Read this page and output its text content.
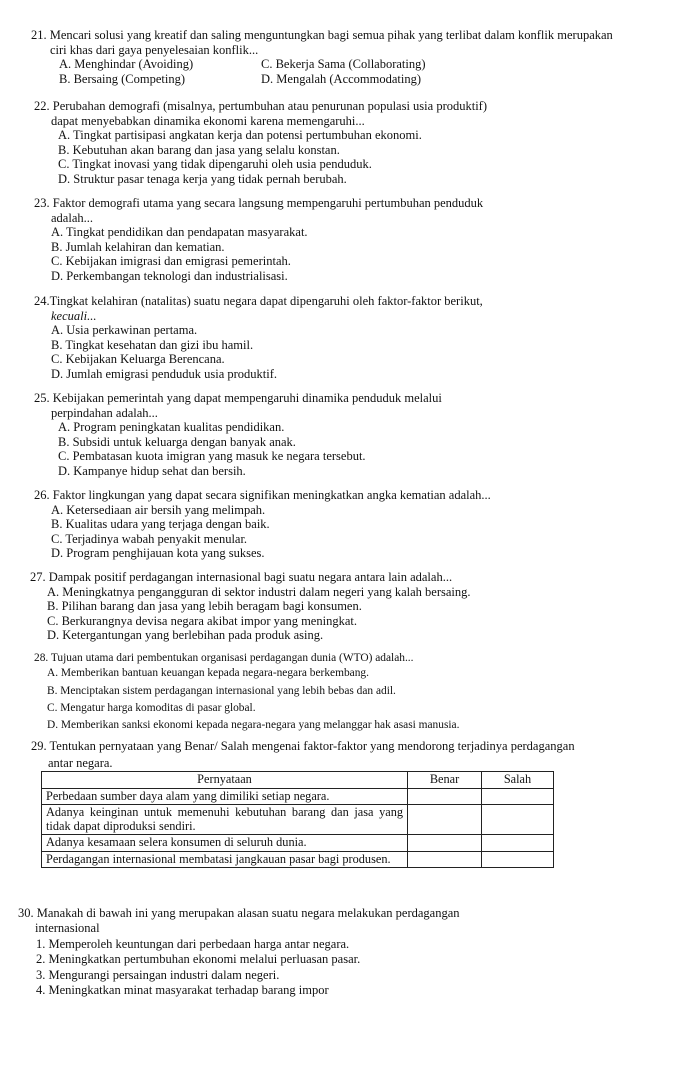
21. Mencari solusi yang kreatif dan saling menguntungkan bagi semua pihak yang terlibat dalam konflik merupakan
ciri khas dari gaya penyelesaian konflik...
A. Menghindar (Avoiding)	C. Bekerja Sama (Collaborating)
B. Bersaing (Competing)	D. Mengalah (Accommodating)
22. Perubahan demografi (misalnya, pertumbuhan atau penurunan populasi usia produktif)
dapat menyebabkan dinamika ekonomi karena memengaruhi...
A. Tingkat partisipasi angkatan kerja dan potensi pertumbuhan ekonomi.
B. Kebutuhan akan barang dan jasa yang selalu konstan.
C. Tingkat inovasi yang tidak dipengaruhi oleh usia penduduk.
D. Struktur pasar tenaga kerja yang tidak pernah berubah.
23. Faktor demografi utama yang secara langsung mempengaruhi pertumbuhan penduduk
adalah...
A. Tingkat pendidikan dan pendapatan masyarakat.
B. Jumlah kelahiran dan kematian.
C. Kebijakan imigrasi dan emigrasi pemerintah.
D. Perkembangan teknologi dan industrialisasi.
24.Tingkat kelahiran (natalitas) suatu negara dapat dipengaruhi oleh faktor-faktor berikut,
kecuali...
A. Usia perkawinan pertama.
B. Tingkat kesehatan dan gizi ibu hamil.
C. Kebijakan Keluarga Berencana.
D. Jumlah emigrasi penduduk usia produktif.
25. Kebijakan pemerintah yang dapat mempengaruhi dinamika penduduk melalui
perpindahan adalah...
A. Program peningkatan kualitas pendidikan.
B. Subsidi untuk keluarga dengan banyak anak.
C. Pembatasan kuota imigran yang masuk ke negara tersebut.
D. Kampanye hidup sehat dan bersih.
26. Faktor lingkungan yang dapat secara signifikan meningkatkan angka kematian adalah...
A. Ketersediaan air bersih yang melimpah.
B. Kualitas udara yang terjaga dengan baik.
C. Terjadinya wabah penyakit menular.
D. Program penghijauan kota yang sukses.
27. Dampak positif perdagangan internasional bagi suatu negara antara lain adalah...
A. Meningkatnya pengangguran di sektor industri dalam negeri yang kalah bersaing.
B. Pilihan barang dan jasa yang lebih beragam bagi konsumen.
C. Berkurangnya devisa negara akibat impor yang meningkat.
D. Ketergantungan yang berlebihan pada produk asing.
28. Tujuan utama dari pembentukan organisasi perdagangan dunia (WTO) adalah...
A. Memberikan bantuan keuangan kepada negara-negara berkembang.
B. Menciptakan sistem perdagangan internasional yang lebih bebas dan adil.
C. Mengatur harga komoditas di pasar global.
D. Memberikan sanksi ekonomi kepada negara-negara yang melanggar hak asasi manusia.
29. Tentukan pernyataan yang Benar/ Salah mengenai faktor-faktor yang mendorong terjadinya perdagangan
antar negara.
Pernyataan	Benar	Salah
Perbedaan sumber daya alam yang dimiliki setiap negara.		
Adanya keinginan untuk memenuhi kebutuhan barang dan jasa yang tidak dapat diproduksi sendiri.		
Adanya kesamaan selera konsumen di seluruh dunia.		
Perdagangan internasional membatasi jangkauan pasar bagi produsen.		
30. Manakah di bawah ini yang merupakan alasan suatu negara melakukan perdagangan
internasional
1. Memperoleh keuntungan dari perbedaan harga antar negara.
2. Meningkatkan pertumbuhan ekonomi melalui perluasan pasar.
3. Mengurangi persaingan industri dalam negeri.
4. Meningkatkan minat masyarakat terhadap barang impor
